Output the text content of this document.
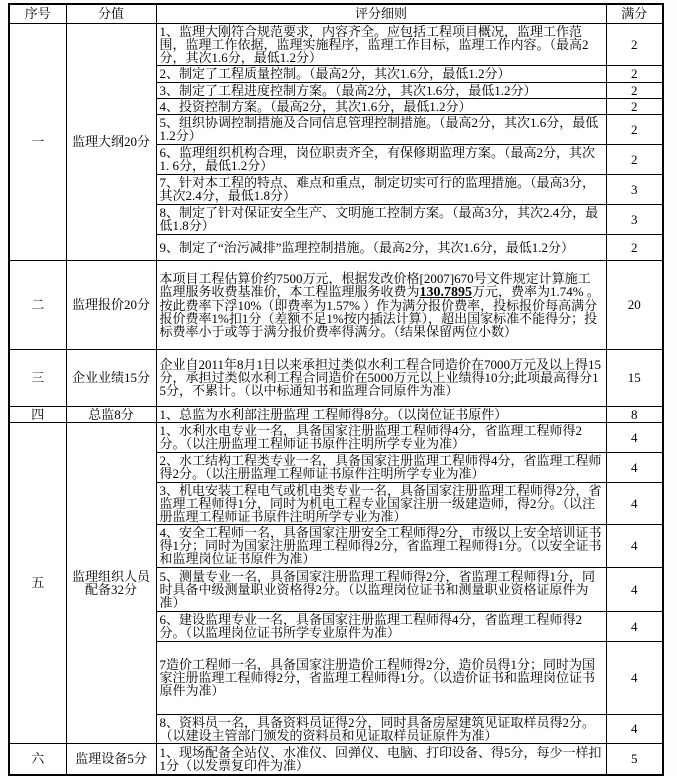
序号	分值	评分细则	满分
一	监理大纲20分	1、监理大刚符合规范要求，内容齐全。应包括工程项目概况，监理工作范围，监理工作依据，监理实施程序，监理工作目标，监理工作内容。（最高2分，其次1.6分，最低1.2分）	2
		2、制定了工程质量控制。（最高2分，其次1.6分，最低1.2分）	2
		3、制定了工程进度控制方案。（最高2分，其次1.6分，最低1.2分）	2
		4、投资控制方案。（最高2分，其次1.6分，最低1.2分）	2
		5、组织协调控制措施及合同信息管理控制措施。（最高2分，其次1.6分，最低1.2分）	2
		6、监理组织机构合理，岗位职责齐全，有保修期监理方案。（最高2分，其次1. 6分，最低1.2分）	2
		7、针对本工程的特点、难点和重点，制定切实可行的监理措施。（最高3分，其次2.4分，最低1.8分）	3
		8、制定了针对保证安全生产、文明施工控制方案。（最高3分，其次2.4分，最低1.8分）	3
		9、制定了“治污减排”监理控制措施。（最高2分，其次1.6分，最低1.2分）	2
二	监理报价20分	本项目工程估算价约7500万元，根据发改价格[2007]670号文件规定计算施工监理服务收费基准价，本工程监理服务收费为130.7895万元，费率为1.74% 。按此费率下浮10%（即费率为1.57% ）作为满分报价费率，投标报价每高满分报价费率1%扣1分（差额不足1%按内插法计算），超出国家标准不能得分；投标费率小于或等于满分报价费率得满分。（结果保留两位小数）	20
三	企业业绩15分	企业自2011年8月1日以来承担过类似水利工程合同造价在7000万元及以上得15分，承担过类似水利工程合同造价在5000万元以上业绩得10分;此项最高得分15分，不累计。（以中标通知书和监理合同原件为准）	15
四	总监8分	1、总监为水利部注册监理 工程师得8分。（以岗位证书原件）	8
五	监理组织人员配备32分	1、水利水电专业一名，具备国家注册监理工程师得4分，省监理工程师得2分。（以注册监理工程师证书原件注明所学专业为准）	4
		2、水工结构工程类专业一名，具备国家注册监理工程师得4分，省监理工程师得2分。（以注册监理工程师证书原件注明所学专业为准）	4
		3、机电安装工程电气或机电类专业一名，具备国家注册监理工程师得2分，省监理工程师得1分，同时为机电工程专业国家注册一级建造师，得2分。（以注册监理工程师证书原件注明所学专业为准）	4
		4、安全工程师一名，具备国家注册安全工程师得2分，市级以上安全培训证书得1分；同时为国家注册监理工程师得2分，省监理工程师得1分。（以安全证书和监理岗位证书原件为准）	4
		5、测量专业一名，具备国家注册监理工程师得2分，省监理工程师得1分，同时具备中级测量职业资格得2分。（以监理岗位证书和测量职业资格证原件为准）	4
		6、建设监理专业一名，具备国家注册监理工程师得4分，省监理工程师得2分。（以监理岗位证书所学专业原件为准）	4
		7造价工程师一名，具备国家注册造价工程师得2分，造价员得1分；同时为国家注册监理工程师得2分，省监理工程师得1分。（以造价证书和监理岗位证书原件为准）	4
		8、资料员一名，具备资料员证得2分，同时具备房屋建筑见证取样员得2分。（以建设主管部门颁发的资料员和见证取样员证原件为准）	4
六	监理设备5分	1、现场配备全站仪、水准仪、回弹仪、电脑、打印设备、得5分，每少一样扣1分（以发票复印件为准）	5
